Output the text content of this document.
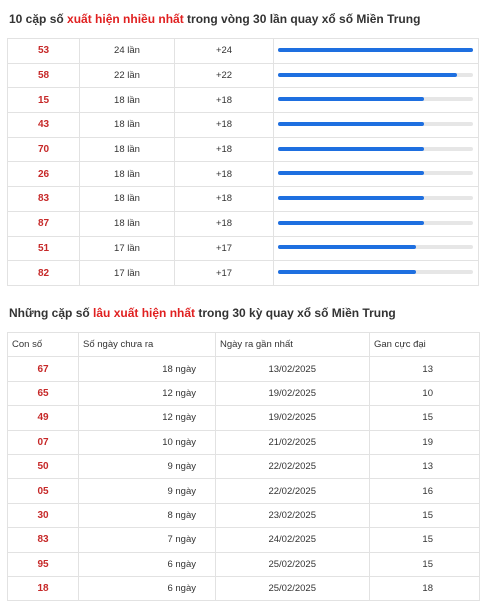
10 cặp số xuất hiện nhiều nhất trong vòng 30 lần quay xổ số Miền Trung
53	24 lần	+24	

58	22 lần	+22	

15	18 lần	+18	

43	18 lần	+18	

70	18 lần	+18	

26	18 lần	+18	

83	18 lần	+18	

87	18 lần	+18	

51	17 lần	+17	

82	17 lần	+17	
Những cặp số lâu xuất hiện nhất trong 30 kỳ quay xổ số Miền Trung
Con số	Số ngày chưa ra	Ngày ra gần nhất	Gan cực đại
67	18 ngày	13/02/2025	13
65	12 ngày	19/02/2025	10
49	12 ngày	19/02/2025	15
07	10 ngày	21/02/2025	19
50	9 ngày	22/02/2025	13
05	9 ngày	22/02/2025	16
30	8 ngày	23/02/2025	15
83	7 ngày	24/02/2025	15
95	6 ngày	25/02/2025	15
18	6 ngày	25/02/2025	18
